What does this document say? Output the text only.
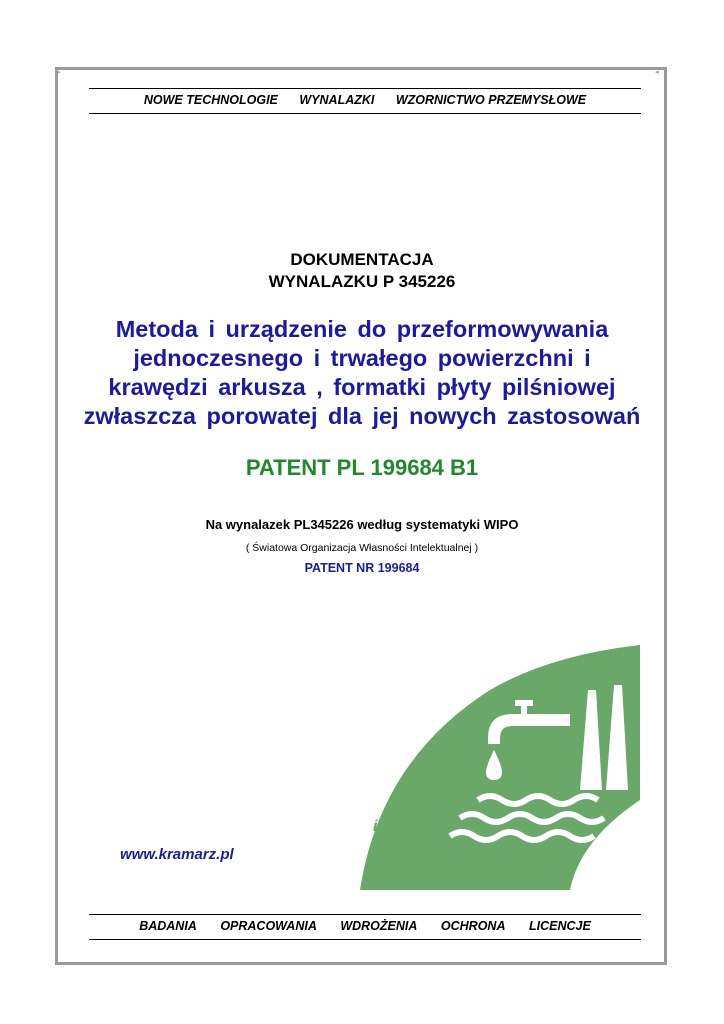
▸	◂
NOWE TECHNOLOGIE WYNALAZKI WZORNICTWO PRZEMYSŁOWE
DOKUMENTACJA
WYNALAZKU P 345226
Metoda i urządzenie do przeformowywania
jednoczesnego i trwałego powierzchni i
krawędzi arkusza , formatki płyty pilśniowej
zwłaszcza porowatej dla jej nowych zastosowań
PATENT PL 199684 B1
Na wynalazek PL345226 według systematyki WIPO
( Światowa Organizacja Własności Intelektualnej )
PATENT NR 199684
www.kramarz.pl
inventor
KRAMARZ
BADANIA OPRACOWANIA WDROŻENIA OCHRONA LICENCJE
